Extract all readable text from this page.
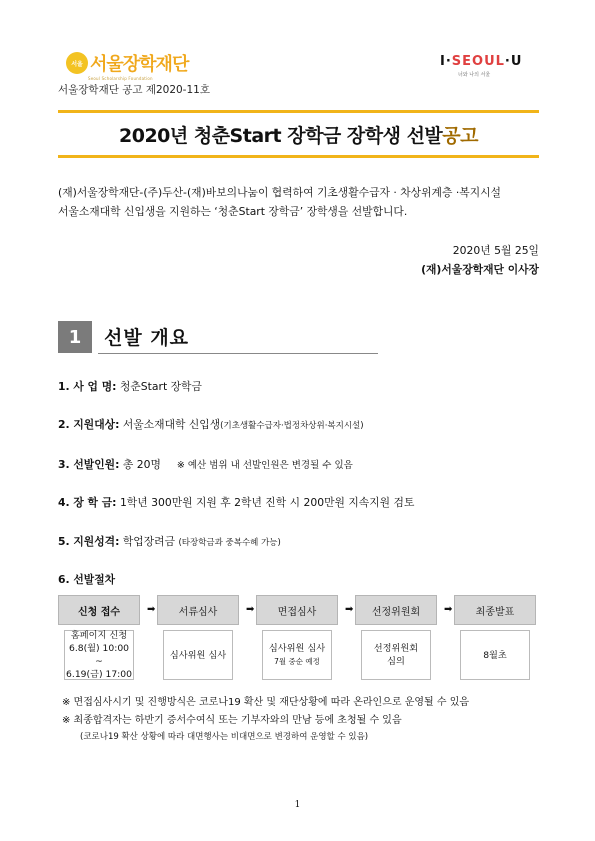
서울 서울장학재단
Seoul Scholarship Foundation
I·SEOUL·U
너와 나의 서울
서울장학재단 공고 제2020-11호
2020년 청춘Start 장학금 장학생 선발공고
(재)서울장학재단-(주)두산-(재)바보의나눔이 협력하여 기초생활수급자 · 차상위계층 ·복지시설
서울소재대학 신입생을 지원하는 ‘청춘Start 장학금’ 장학생을 선발합니다.
2020년 5월 25일
(재)서울장학재단 이사장
1	선발 개요
1. 사 업 명: 청춘Start 장학금
2. 지원대상: 서울소재대학 신입생(기초생활수급자·법정차상위·복지시설)
3. 선발인원: 총 20명 ※ 예산 범위 내 선발인원은 변경될 수 있음
4. 장 학 금: 1학년 300만원 지원 후 2학년 진학 시 200만원 지속지원 검토
5. 지원성격: 학업장려금 (타장학금과 중복수혜 가능)
6. 선발절차
신청 접수
홈페이지 신청
6.8(월) 10:00 ~
6.19(금) 17:00
➡	서류심사
심사위원 심사
➡	면접심사
심사위원 심사
7월 중순 예정
➡	선정위원회
선정위원회
심의
➡	최종발표
8월초
※ 면접심사시기 및 진행방식은 코로나19 확산 및 재단상황에 따라 온라인으로 운영될 수 있음
※ 최종합격자는 하반기 증서수여식 또는 기부자와의 만남 등에 초청될 수 있음
(코로나19 확산 상황에 따라 대면행사는 비대면으로 변경하여 운영할 수 있음)
1
